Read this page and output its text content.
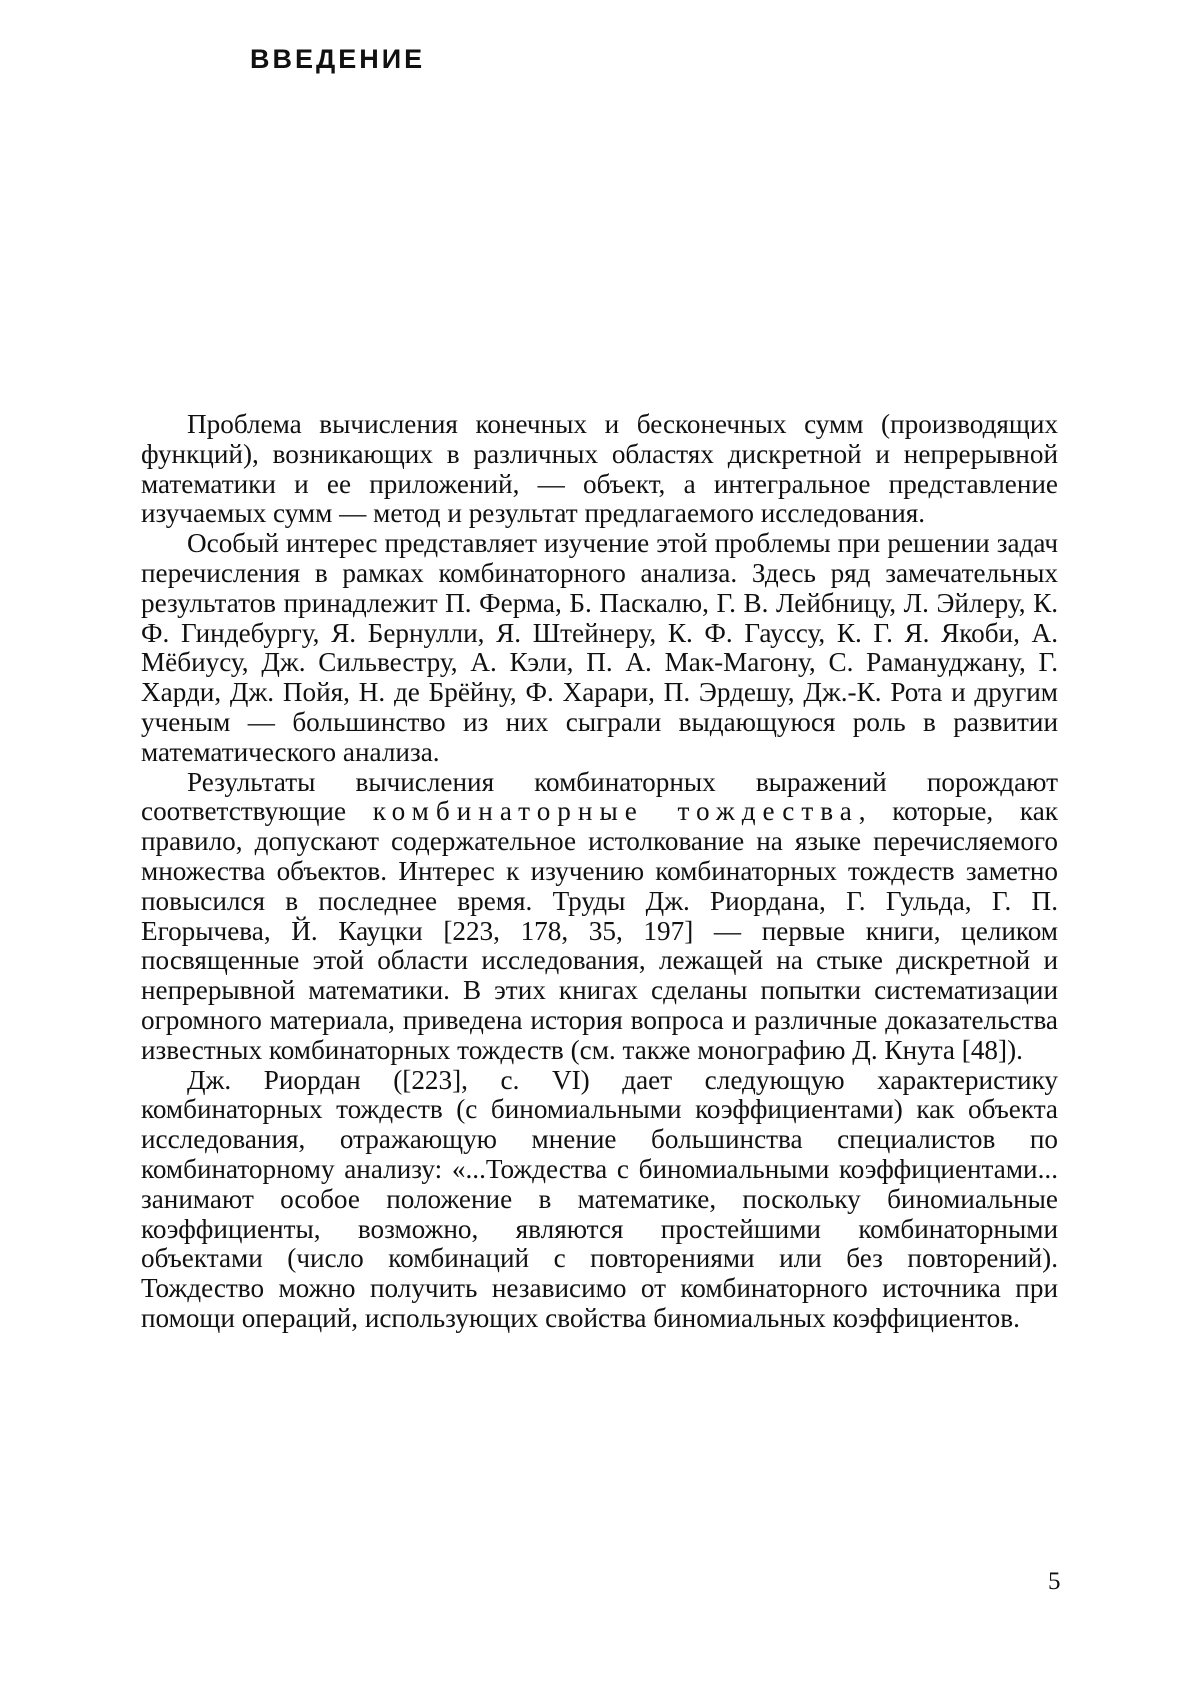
ВВЕДЕНИЕ

Проблема вычисления конечных и бесконечных сумм (производящих функций), возникающих в различных областях дискретной и непрерывной математики и ее приложений, — объект, а интегральное представление изучаемых сумм — метод и результат предлагаемого исследования.

Особый интерес представляет изучение этой проблемы при решении задач перечисления в рамках комбинаторного анализа. Здесь ряд замечательных результатов принадлежит П. Ферма, Б. Паскалю, Г. В. Лейбницу, Л. Эйлеру, К. Ф. Гиндебургу, Я. Бернулли, Я. Штейнеру, К. Ф. Гауссу, К. Г. Я. Якоби, А. Мёбиусу, Дж. Сильвестру, А. Кэли, П. А. Мак-Магону, С. Рамануджану, Г. Харди, Дж. Пойя, Н. де Брёйну, Ф. Харари, П. Эрдешу, Дж.-К. Рота и другим ученым — большинство из них сыграли выдающуюся роль в развитии математического анализа.

Результаты вычисления комбинаторных выражений порождают соответствующие комбинаторные тождества, которые, как правило, допускают содержательное истолкование на языке перечисляемого множества объектов. Интерес к изучению комбинаторных тождеств заметно повысился в последнее время. Труды Дж. Риордана, Г. Гульда, Г. П. Егорычева, Й. Кауцки [223, 178, 35, 197] — первые книги, целиком посвященные этой области исследования, лежащей на стыке дискретной и непрерывной математики. В этих книгах сделаны попытки систематизации огромного материала, приведена история вопроса и различные доказательства известных комбинаторных тождеств (см. также монографию Д. Кнута [48]).

Дж. Риордан ([223], с. VI) дает следующую характеристику комбинаторных тождеств (с биномиальными коэффициентами) как объекта исследования, отражающую мнение большинства специалистов по комбинаторному анализу: «...Тождества с биномиальными коэффициентами... занимают особое положение в математике, поскольку биномиальные коэффициенты, возможно, являются простейшими комбинаторными объектами (число комбинаций с повторениями или без повторений). Тождество можно получить независимо от комбинаторного источника при помощи операций, использующих свойства биномиальных коэффициентов.

5
